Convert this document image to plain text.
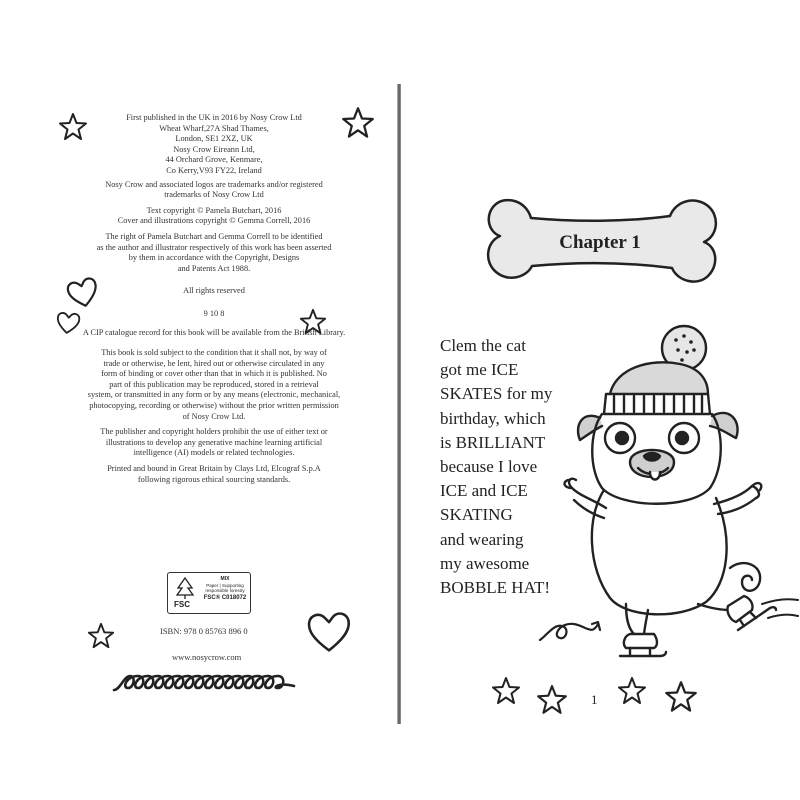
First published in the UK in 2016 by Nosy Crow Ltd
Wheat Wharf,27A Shad Thames,
London, SE1 2XZ, UK
Nosy Crow Eireann Ltd,
44 Orchard Grove, Kenmare,
Co Kerry,V93 FY22, Ireland

Nosy Crow and associated logos are trademarks and/or registered
trademarks of Nosy Crow Ltd

Text copyright © Pamela Butchart, 2016
Cover and illustrations copyright © Gemma Correll, 2016

The right of Pamela Butchart and Gemma Correll to be identified
as the author and illustrator respectively of this work has been asserted
by them in accordance with the Copyright, Designs
and Patents Act 1988.

All rights reserved

9 10 8

A CIP catalogue record for this book will be available from the British Library.

This book is sold subject to the condition that it shall not, by way of
trade or otherwise, be lent, hired out or otherwise circulated in any
form of binding or cover other than that in which it is published. No
part of this publication may be reproduced, stored in a retrieval
system, or transmitted in any form or by any means (electronic, mechanical,
photocopying, recording or otherwise) without the prior written permission
of Nosy Crow Ltd.

The publisher and copyright holders prohibit the use of either text or
illustrations to develop any generative machine learning artificial
intelligence (AI) models or related technologies.

Printed and bound in Great Britain by Clays Ltd, Elcograf S.p.A
following rigorous ethical sourcing standards.

FSC
MIX
Paper | Supporting
responsible forestry
FSC® C018072
ISBN: 978 0 85763 896 0
www.nosycrow.com
Chapter 1
Clem the cat
got me ICE
SKATES for my
birthday, which
is BRILLIANT
because I love
ICE and ICE
SKATING
and wearing
my awesome
BOBBLE HAT!
1
